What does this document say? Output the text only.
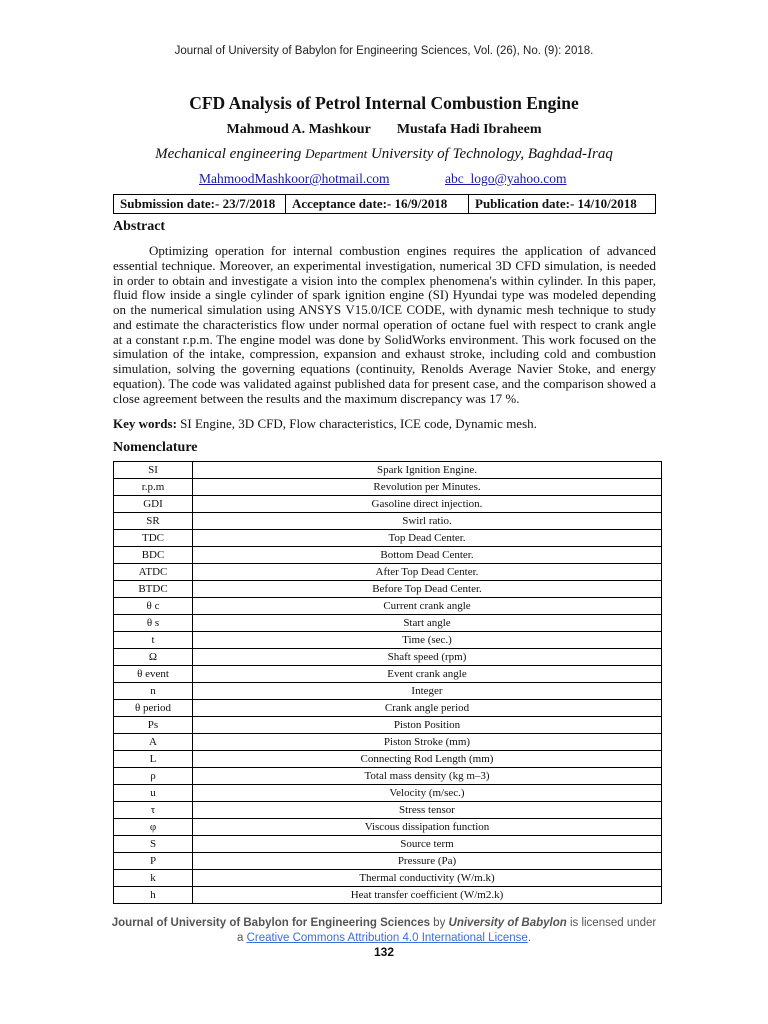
Journal of University of Babylon for Engineering Sciences, Vol. (26), No. (9): 2018.
CFD Analysis of Petrol Internal Combustion Engine
Mahmoud A. Mashkour Mustafa Hadi Ibraheem
Mechanical engineering Department University of Technology, Baghdad-Iraq
MahmoodMashkoor@hotmail.com	abc_logo@yahoo.com
Submission date:- 23/7/2018	Acceptance date:- 16/9/2018	Publication date:- 14/10/2018
Abstract
Optimizing operation for internal combustion engines requires the application of advanced essential technique. Moreover, an experimental investigation, numerical 3D CFD simulation, is needed in order to obtain and investigate a vision into the complex phenomena's within cylinder. In this paper, fluid flow inside a single cylinder of spark ignition engine (SI) Hyundai type was modeled depending on the numerical simulation using ANSYS V15.0/ICE CODE, with dynamic mesh technique to study and estimate the characteristics flow under normal operation of octane fuel with respect to crank angle at a constant r.p.m. The engine model was done by SolidWorks environment. This work focused on the simulation of the intake, compression, expansion and exhaust stroke, including cold and combustion simulation, solving the governing equations (continuity, Renolds Average Navier Stoke, and energy equation). The code was validated against published data for present case, and the comparison showed a close agreement between the results and the maximum discrepancy was 17 %.
Key words: SI Engine, 3D CFD, Flow characteristics, ICE code, Dynamic mesh.
Nomenclature
SI	Spark Ignition Engine.
r.p.m	Revolution per Minutes.
GDI	Gasoline direct injection.
SR	Swirl ratio.
TDC	Top Dead Center.
BDC	Bottom Dead Center.
ATDC	After Top Dead Center.
BTDC	Before Top Dead Center.
θ c	Current crank angle
θ s	Start angle
t	Time (sec.)
Ω	Shaft speed (rpm)
θ event	Event crank angle
n	Integer
θ period	Crank angle period
Ps	Piston Position
A	Piston Stroke (mm)
L	Connecting Rod Length (mm)
ρ	Total mass density (kg m–3)
u	Velocity (m/sec.)
τ	Stress tensor
φ	Viscous dissipation function
S	Source term
P	Pressure (Pa)
k	Thermal conductivity (W/m.k)
h	Heat transfer coefficient (W/m2.k)
Journal of University of Babylon for Engineering Sciences by University of Babylon is licensed under
a Creative Commons Attribution 4.0 International License.
132
